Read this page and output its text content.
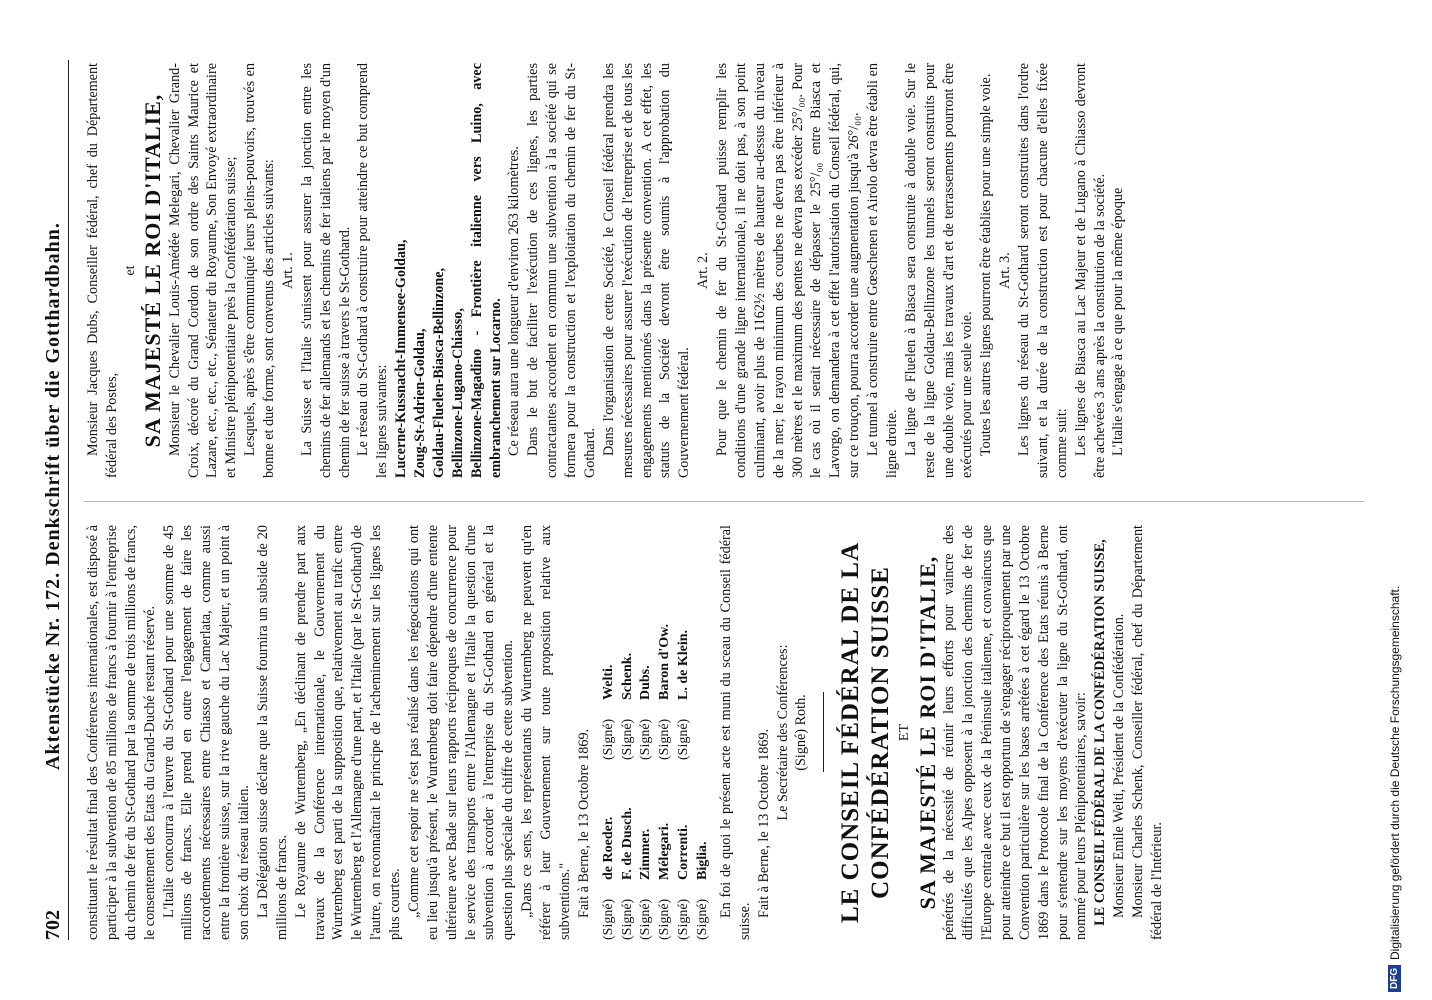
702
Aktenstücke Nr. 172. Denkschrift über die Gotthardbahn. constituant le résultat final des Conférences internationales, est disposé à participer à la subvention de 85 millions de francs à fournir à l'entreprise du chemin de fer du St-Gothard par la somme de trois millions de francs, le consentement des Etats du Grand-Duché restant réservé. L'Italie concourra à l'œuvre du St-Gothard pour une somme de 45 millions de francs. Elle prend en outre l'engagement de faire les raccordements nécessaires entre Chiasso et Camerlata, comme aussi entre la frontière suisse, sur la rive gauche du Lac Majeur, et un point à son choix du réseau italien. La Délégation suisse déclare que la Suisse fournira un subside de 20 millions de francs. Le Royaume de Wurtemberg, „En déclinant de prendre part aux travaux de la Conférence internationale, le Gouvernement du Wurtemberg est parti de la supposition que, relativement au trafic entre le Wurtemberg et l'Allemagne d'une part, et l'Italie (par le St-Gothard) de l'autre, on reconnaîtrait le principe de l'acheminement sur les lignes les plus courtes. „Comme cet espoir ne s'est pas réalisé dans les négociations qui ont eu lieu jusqu'à présent, le Wurtemberg doit faire dépendre d'une entente ultérieure avec Bade sur leurs rapports réciproques de concurrence pour le service des transports entre l'Allemagne et l'Italie la question d'une subvention à accorder à l'entreprise du St-Gothard en général et la question plus spéciale du chiffre de cette subvention. „Dans ce sens, les représentants du Wurtemberg ne peuvent qu'en référer à leur Gouvernement sur toute proposition relative aux subventions." Fait à Berne, le 13 Octobre 1869.

(Signé)
de Roeder.
(Signé)
Welti.
(Signé)
F. de Dusch.
(Signé)
Schenk.
(Signé)
Zimmer.
(Signé)
Dubs.
(Signé)
Mélegari.
(Signé)
Baron d'Ow.
(Signé)
Correnti.
(Signé)
L. de Klein.
(Signé)
Biglia. En foi de quoi le présent acte est muni du sceau du Conseil fédéral suisse.

Fait à Berne, le 13 Octobre 1869. Le Secrétaire des Conférences: (Signé) Roth. LE CONSEIL FÉDÉRAL DE LA CONFÉDÉRATION SUISSE ET SA MAJESTÉ LE ROI D'ITALIE, pénétrés de la nécessité de réunir leurs efforts pour vaincre des difficultés que les Alpes opposent à la jonction des chemins de fer de l'Europe centrale avec ceux de la Péninsule italienne, et convaincus que pour atteindre ce but il est opportun de s'engager réciproquement par une Convention particulière sur les bases arrêtées à cet égard le 13 Octobre 1869 dans le Protocole final de la Conférence des Etats réunis à Berne pour s'entendre sur les moyens d'exécuter la ligne du St-Gothard, ont nommé pour leurs Plénipotentiaires, savoir: LE CONSEIL FÉDÉRAL DE LA CONFÉDÉRATION SUISSE, Monsieur Emile Welti, Président de la Confédération. Monsieur Charles Schenk, Conseiller fédéral, chef du Département fédéral de l'Intérieur.

Monsieur Jacques Dubs, Conseiller fédéral, chef du Département fédéral des Postes,

et SA MAJESTÉ LE ROI D'ITALIE, Monsieur le Chevalier Louis-Amédée Melegari, Chevalier Grand-Croix, décoré du Grand Cordon de son ordre des Saints Maurice et Lazare, etc., etc., etc., Sénateur du Royaume, Son Envoyé extraordinaire et Ministre plénipotentiaire près la Confédération suisse; Lesquels, après s'être communiqué leurs pleins-pouvoirs, trouvés en bonne et due forme, sont convenus des articles suivants: Art. 1. La Suisse et l'Italie s'unissent pour assurer la jonction entre les chemins de fer allemands et les chemins de fer italiens par le moyen d'un chemin de fer suisse à travers le St-Gothard. Le réseau du St-Gothard à construire pour atteindre ce but comprend les lignes suivantes: Lucerne-Kussnacht-Immensee-Goldau, Zoug-St-Adrien-Goldau, Goldau-Fluelen-Biasca-Bellinzone, Bellinzone-Lugano-Chiasso, Bellinzone-Magadino - Frontière italienne vers Luino, avec embranchement sur Locarno. Ce réseau aura une longueur d'environ 263 kilomètres. Dans le but de faciliter l'exécution de ces lignes, les parties contractantes accordent en commun une subvention à la société qui se formera pour la construction et l'exploitation du chemin de fer du St-Gothard. Dans l'organisation de cette Société, le Conseil fédéral prendra les mesures nécessaires pour assurer l'exécution de l'entreprise et de tous les engagements mentionnés dans la présente convention. A cet effet, les statuts de la Société devront être soumis à l'approbation du Gouvernement fédéral.

Art. 2. Pour que le chemin de fer du St-Gothard puisse remplir les conditions d'une grande ligne internationale, il ne doit pas, à son point culminant, avoir plus de 1162½ mètres de hauteur au-dessus du niveau de la mer; le rayon minimum des courbes ne devra pas être inférieur à 300 mètres et le maximum des pentes ne devra pas excéder 25°/₀₀. Pour le cas où il serait nécessaire de dépasser le 25°/₀₀ entre Biasca et Lavorgo, on demandera à cet effet l'autorisation du Conseil fédéral, qui, sur ce trouçon, pourra accorder une augmentation jusqu'à 26°/₀₀. Le tunnel à construire entre Gœschenen et Airolo devra être établi en ligne droite. La ligne de Fluelen à Biasca sera construite à double voie. Sur le reste de la ligne Goldau-Bellinzone les tunnels seront construits pour une double voie, mais les travaux d'art et de terrassements pourront être exécutés pour une seule voie. Toutes les autres lignes pourront être établies pour une simple voie. Art. 3. Les lignes du réseau du St-Gothard seront construites dans l'ordre suivant, et la durée de la construction est pour chacune d'elles fixée comme suit: Les lignes de Biasca au Lac Majeur et de Lugano à Chiasso devront être achevées 3 ans après la constitution de la société. L'Italie s'engage à ce que pour la même époque

DFG
Digitalisierung gefördert durch die Deutsche Forschungsgemeinschaft.
